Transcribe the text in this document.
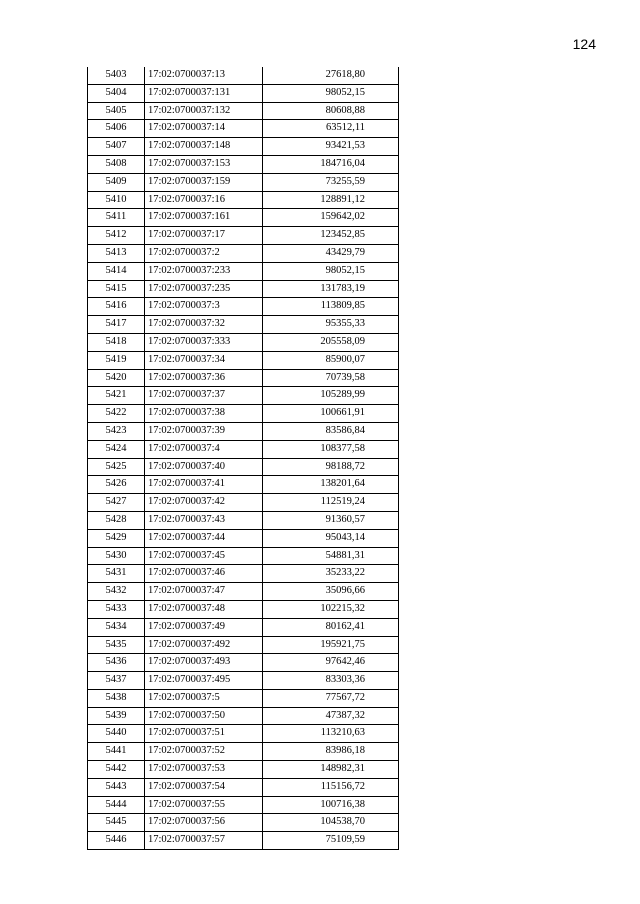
124
5403	17:02:0700037:13	27618,80
5404	17:02:0700037:131	98052,15
5405	17:02:0700037:132	80608,88
5406	17:02:0700037:14	63512,11
5407	17:02:0700037:148	93421,53
5408	17:02:0700037:153	184716,04
5409	17:02:0700037:159	73255,59
5410	17:02:0700037:16	128891,12
5411	17:02:0700037:161	159642,02
5412	17:02:0700037:17	123452,85
5413	17:02:0700037:2	43429,79
5414	17:02:0700037:233	98052,15
5415	17:02:0700037:235	131783,19
5416	17:02:0700037:3	113809,85
5417	17:02:0700037:32	95355,33
5418	17:02:0700037:333	205558,09
5419	17:02:0700037:34	85900,07
5420	17:02:0700037:36	70739,58
5421	17:02:0700037:37	105289,99
5422	17:02:0700037:38	100661,91
5423	17:02:0700037:39	83586,84
5424	17:02:0700037:4	108377,58
5425	17:02:0700037:40	98188,72
5426	17:02:0700037:41	138201,64
5427	17:02:0700037:42	112519,24
5428	17:02:0700037:43	91360,57
5429	17:02:0700037:44	95043,14
5430	17:02:0700037:45	54881,31
5431	17:02:0700037:46	35233,22
5432	17:02:0700037:47	35096,66
5433	17:02:0700037:48	102215,32
5434	17:02:0700037:49	80162,41
5435	17:02:0700037:492	195921,75
5436	17:02:0700037:493	97642,46
5437	17:02:0700037:495	83303,36
5438	17:02:0700037:5	77567,72
5439	17:02:0700037:50	47387,32
5440	17:02:0700037:51	113210,63
5441	17:02:0700037:52	83986,18
5442	17:02:0700037:53	148982,31
5443	17:02:0700037:54	115156,72
5444	17:02:0700037:55	100716,38
5445	17:02:0700037:56	104538,70
5446	17:02:0700037:57	75109,59
